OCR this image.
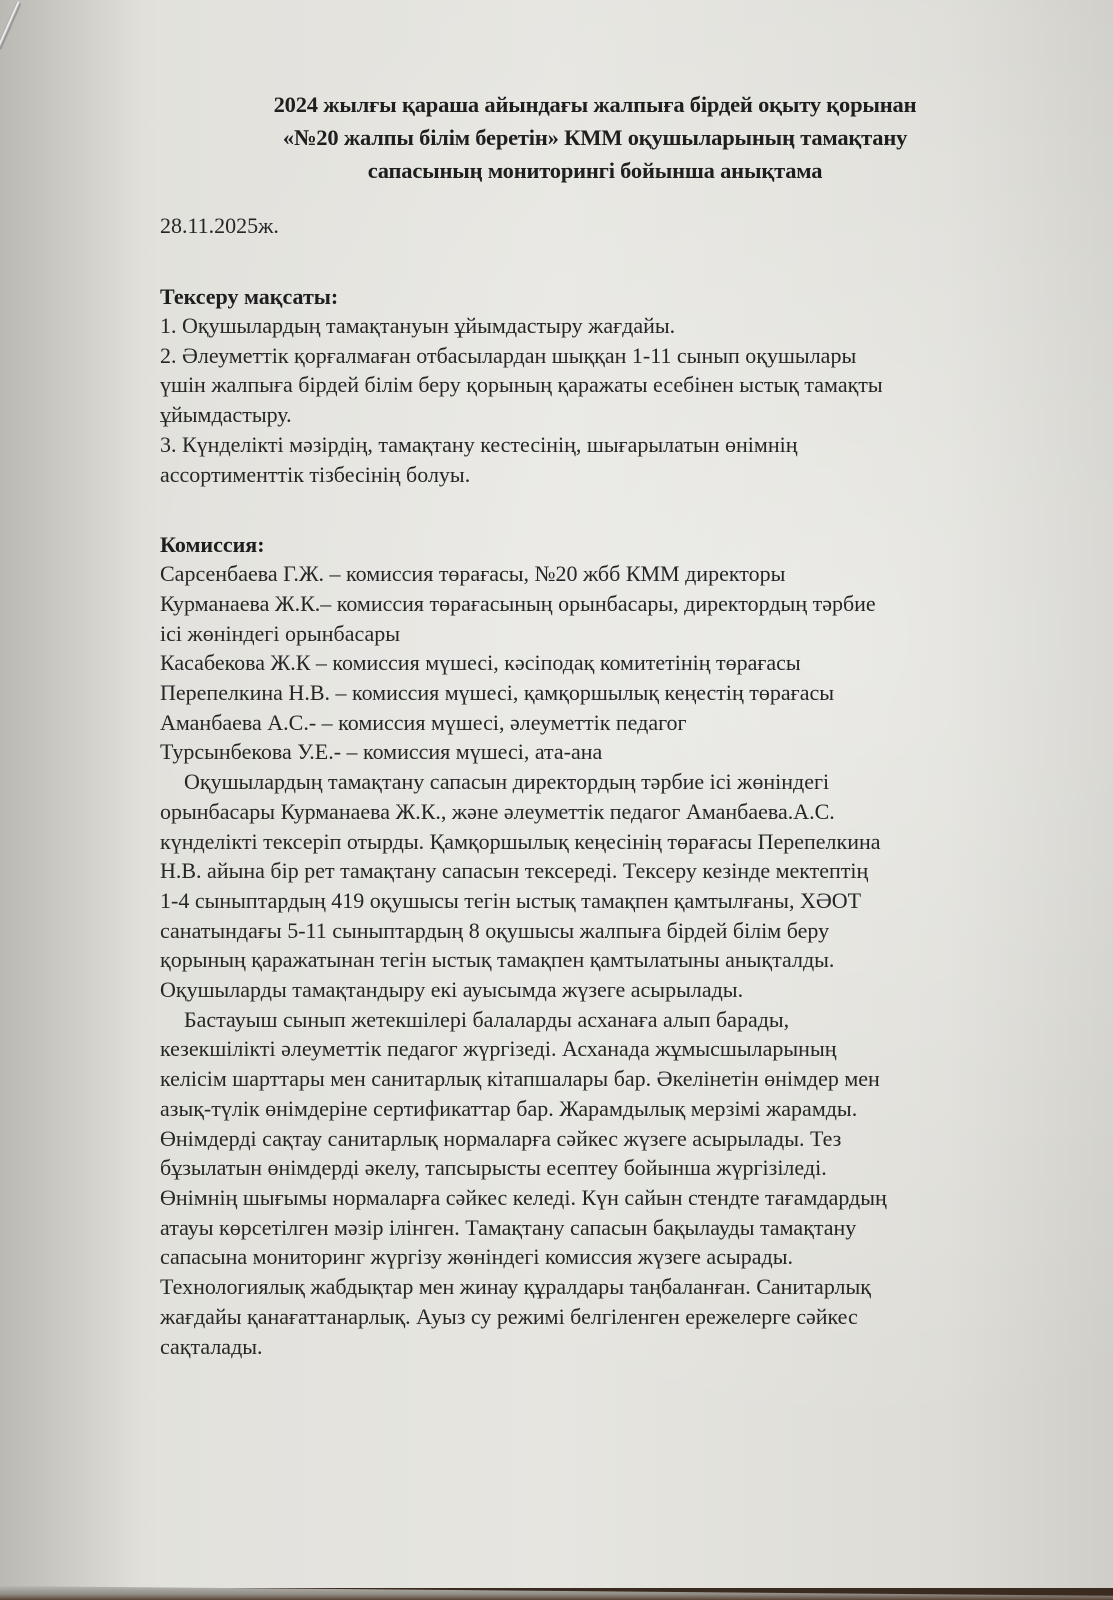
2024 жылғы қараша айындағы жалпыға бірдей оқыту қорынан
«№20 жалпы білім беретін» КММ оқушыларының тамақтану
сапасының мониторингі бойынша анықтама
28.11.2025ж.
Тексеру мақсаты:
1. Оқушылардың тамақтануын ұйымдастыру жағдайы.
2. Әлеуметтік қорғалмаған отбасылардан шыққан 1-11 сынып оқушылары
үшін жалпыға бірдей білім беру қорының қаражаты есебінен ыстық тамақты
ұйымдастыру.
3. Күнделікті мәзірдің, тамақтану кестесінің, шығарылатын өнімнің
ассортименттік тізбесінің болуы.
Комиссия:
Сарсенбаева Г.Ж. – комиссия төрағасы, №20 жбб КММ директоры
Курманаева Ж.К.– комиссия төрағасының орынбасары, директордың тәрбие
ісі жөніндегі орынбасары
Касабекова Ж.К – комиссия мүшесі, кәсіподақ комитетінің төрағасы
Перепелкина Н.В. – комиссия мүшесі, қамқоршылық кеңестің төрағасы
Аманбаева А.С.- – комиссия мүшесі, әлеуметтік педагог
Турсынбекова У.Е.- – комиссия мүшесі, ата-ана
Оқушылардың тамақтану сапасын директордың тәрбие ісі жөніндегі
орынбасары Курманаева Ж.К., және әлеуметтік педагог Аманбаева.А.С.
күнделікті тексеріп отырды. Қамқоршылық кеңесінің төрағасы Перепелкина
Н.В. айына бір рет тамақтану сапасын тексереді. Тексеру кезінде мектептің
1-4 сыныптардың 419 оқушысы тегін ыстық тамақпен қамтылғаны, ХӘОТ
санатындағы 5-11 сыныптардың 8 оқушысы жалпыға бірдей білім беру
қорының қаражатынан тегін ыстық тамақпен қамтылатыны анықталды.
Оқушыларды тамақтандыру екі ауысымда жүзеге асырылады.
Бастауыш сынып жетекшілері балаларды асханаға алып барады,
кезекшілікті әлеуметтік педагог жүргізеді. Асханада жұмысшыларының
келісім шарттары мен санитарлық кітапшалары бар. Әкелінетін өнімдер мен
азық-түлік өнімдеріне сертификаттар бар. Жарамдылық мерзімі жарамды.
Өнімдерді сақтау санитарлық нормаларға сәйкес жүзеге асырылады. Тез
бұзылатын өнімдерді әкелу, тапсырысты есептеу бойынша жүргізіледі.
Өнімнің шығымы нормаларға сәйкес келеді. Күн сайын стендте тағамдардың
атауы көрсетілген мәзір ілінген. Тамақтану сапасын бақылауды тамақтану
сапасына мониторинг жүргізу жөніндегі комиссия жүзеге асырады.
Технологиялық жабдықтар мен жинау құралдары таңбаланған. Санитарлық
жағдайы қанағаттанарлық. Ауыз су режимі белгіленген ережелерге сәйкес
сақталады.
